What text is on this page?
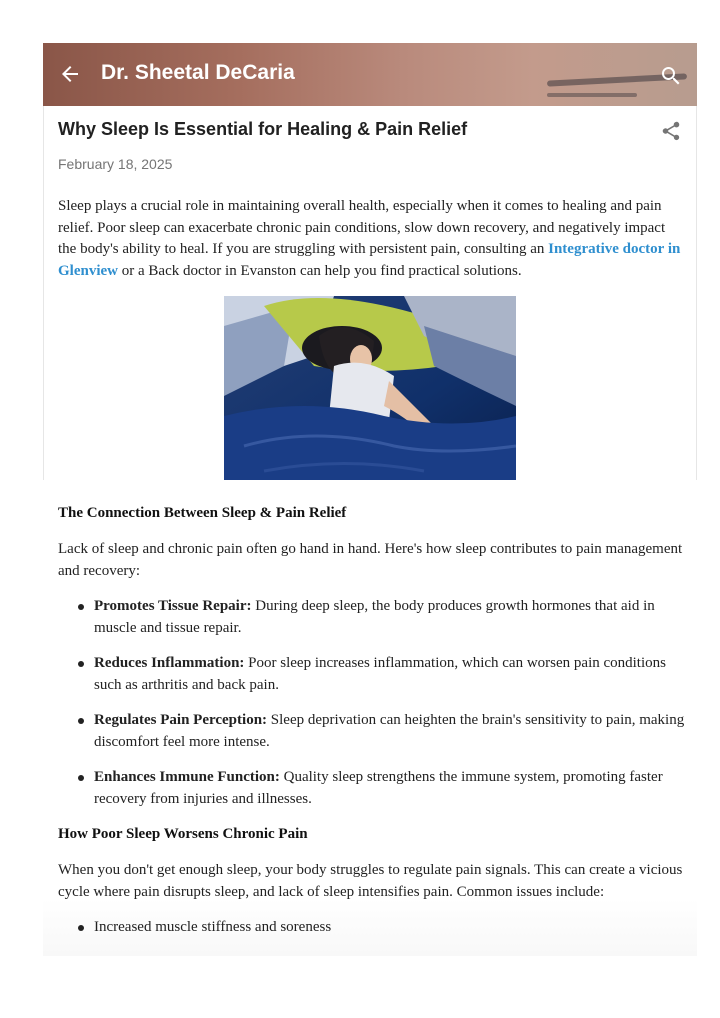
Dr. Sheetal DeCaria
Why Sleep Is Essential for Healing & Pain Relief
February 18, 2025
Sleep plays a crucial role in maintaining overall health, especially when it comes to healing and pain relief. Poor sleep can exacerbate chronic pain conditions, slow down recovery, and negatively impact the body's ability to heal. If you are struggling with persistent pain, consulting an Integrative doctor in Glenview or a Back doctor in Evanston can help you find practical solutions.
The Connection Between Sleep & Pain Relief
Lack of sleep and chronic pain often go hand in hand. Here's how sleep contributes to pain management and recovery:
Promotes Tissue Repair: During deep sleep, the body produces growth hormones that aid in muscle and tissue repair.
Reduces Inflammation: Poor sleep increases inflammation, which can worsen pain conditions such as arthritis and back pain.
Regulates Pain Perception: Sleep deprivation can heighten the brain's sensitivity to pain, making discomfort feel more intense.
Enhances Immune Function: Quality sleep strengthens the immune system, promoting faster recovery from injuries and illnesses.
How Poor Sleep Worsens Chronic Pain
When you don't get enough sleep, your body struggles to regulate pain signals. This can create a vicious cycle where pain disrupts sleep, and lack of sleep intensifies pain. Common issues include:
Increased muscle stiffness and soreness
